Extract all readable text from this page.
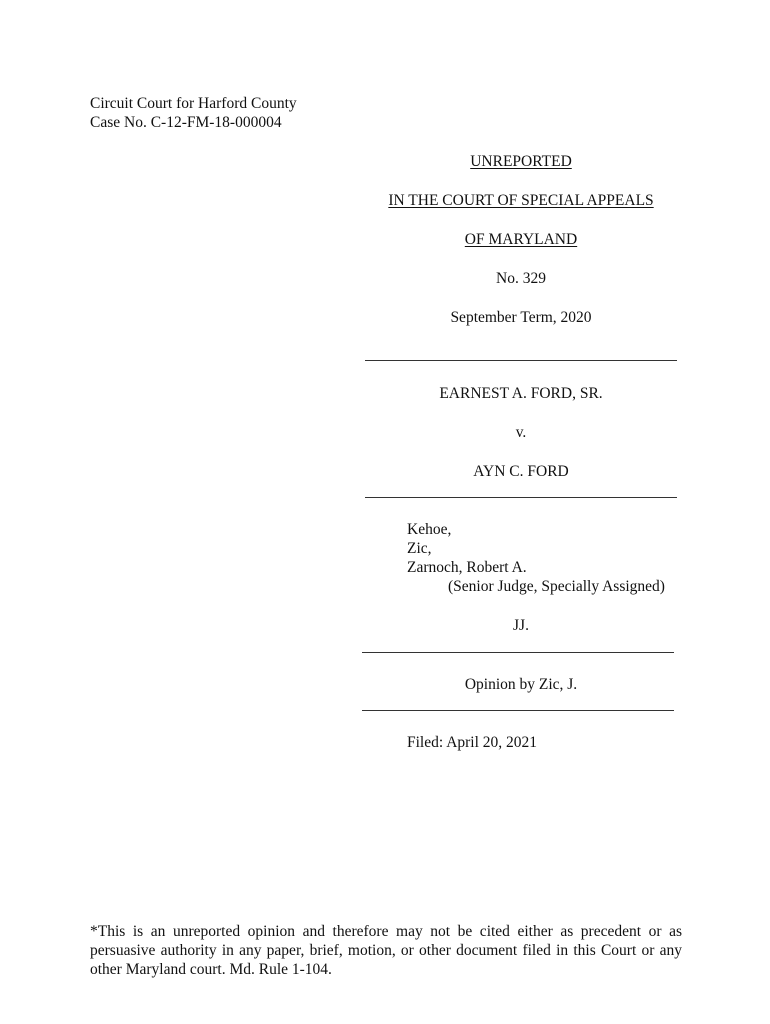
Circuit Court for Harford County
Case No. C-12-FM-18-000004
UNREPORTED
IN THE COURT OF SPECIAL APPEALS
OF MARYLAND
No. 329
September Term, 2020
EARNEST A. FORD, SR.
v.
AYN C. FORD
Kehoe,
Zic,
Zarnoch, Robert A.
(Senior Judge, Specially Assigned)
JJ.
Opinion by Zic, J.
Filed: April 20, 2021
*This is an unreported opinion and therefore may not be cited either as precedent or as persuasive authority in any paper, brief, motion, or other document filed in this Court or any other Maryland court. Md. Rule 1-104.
